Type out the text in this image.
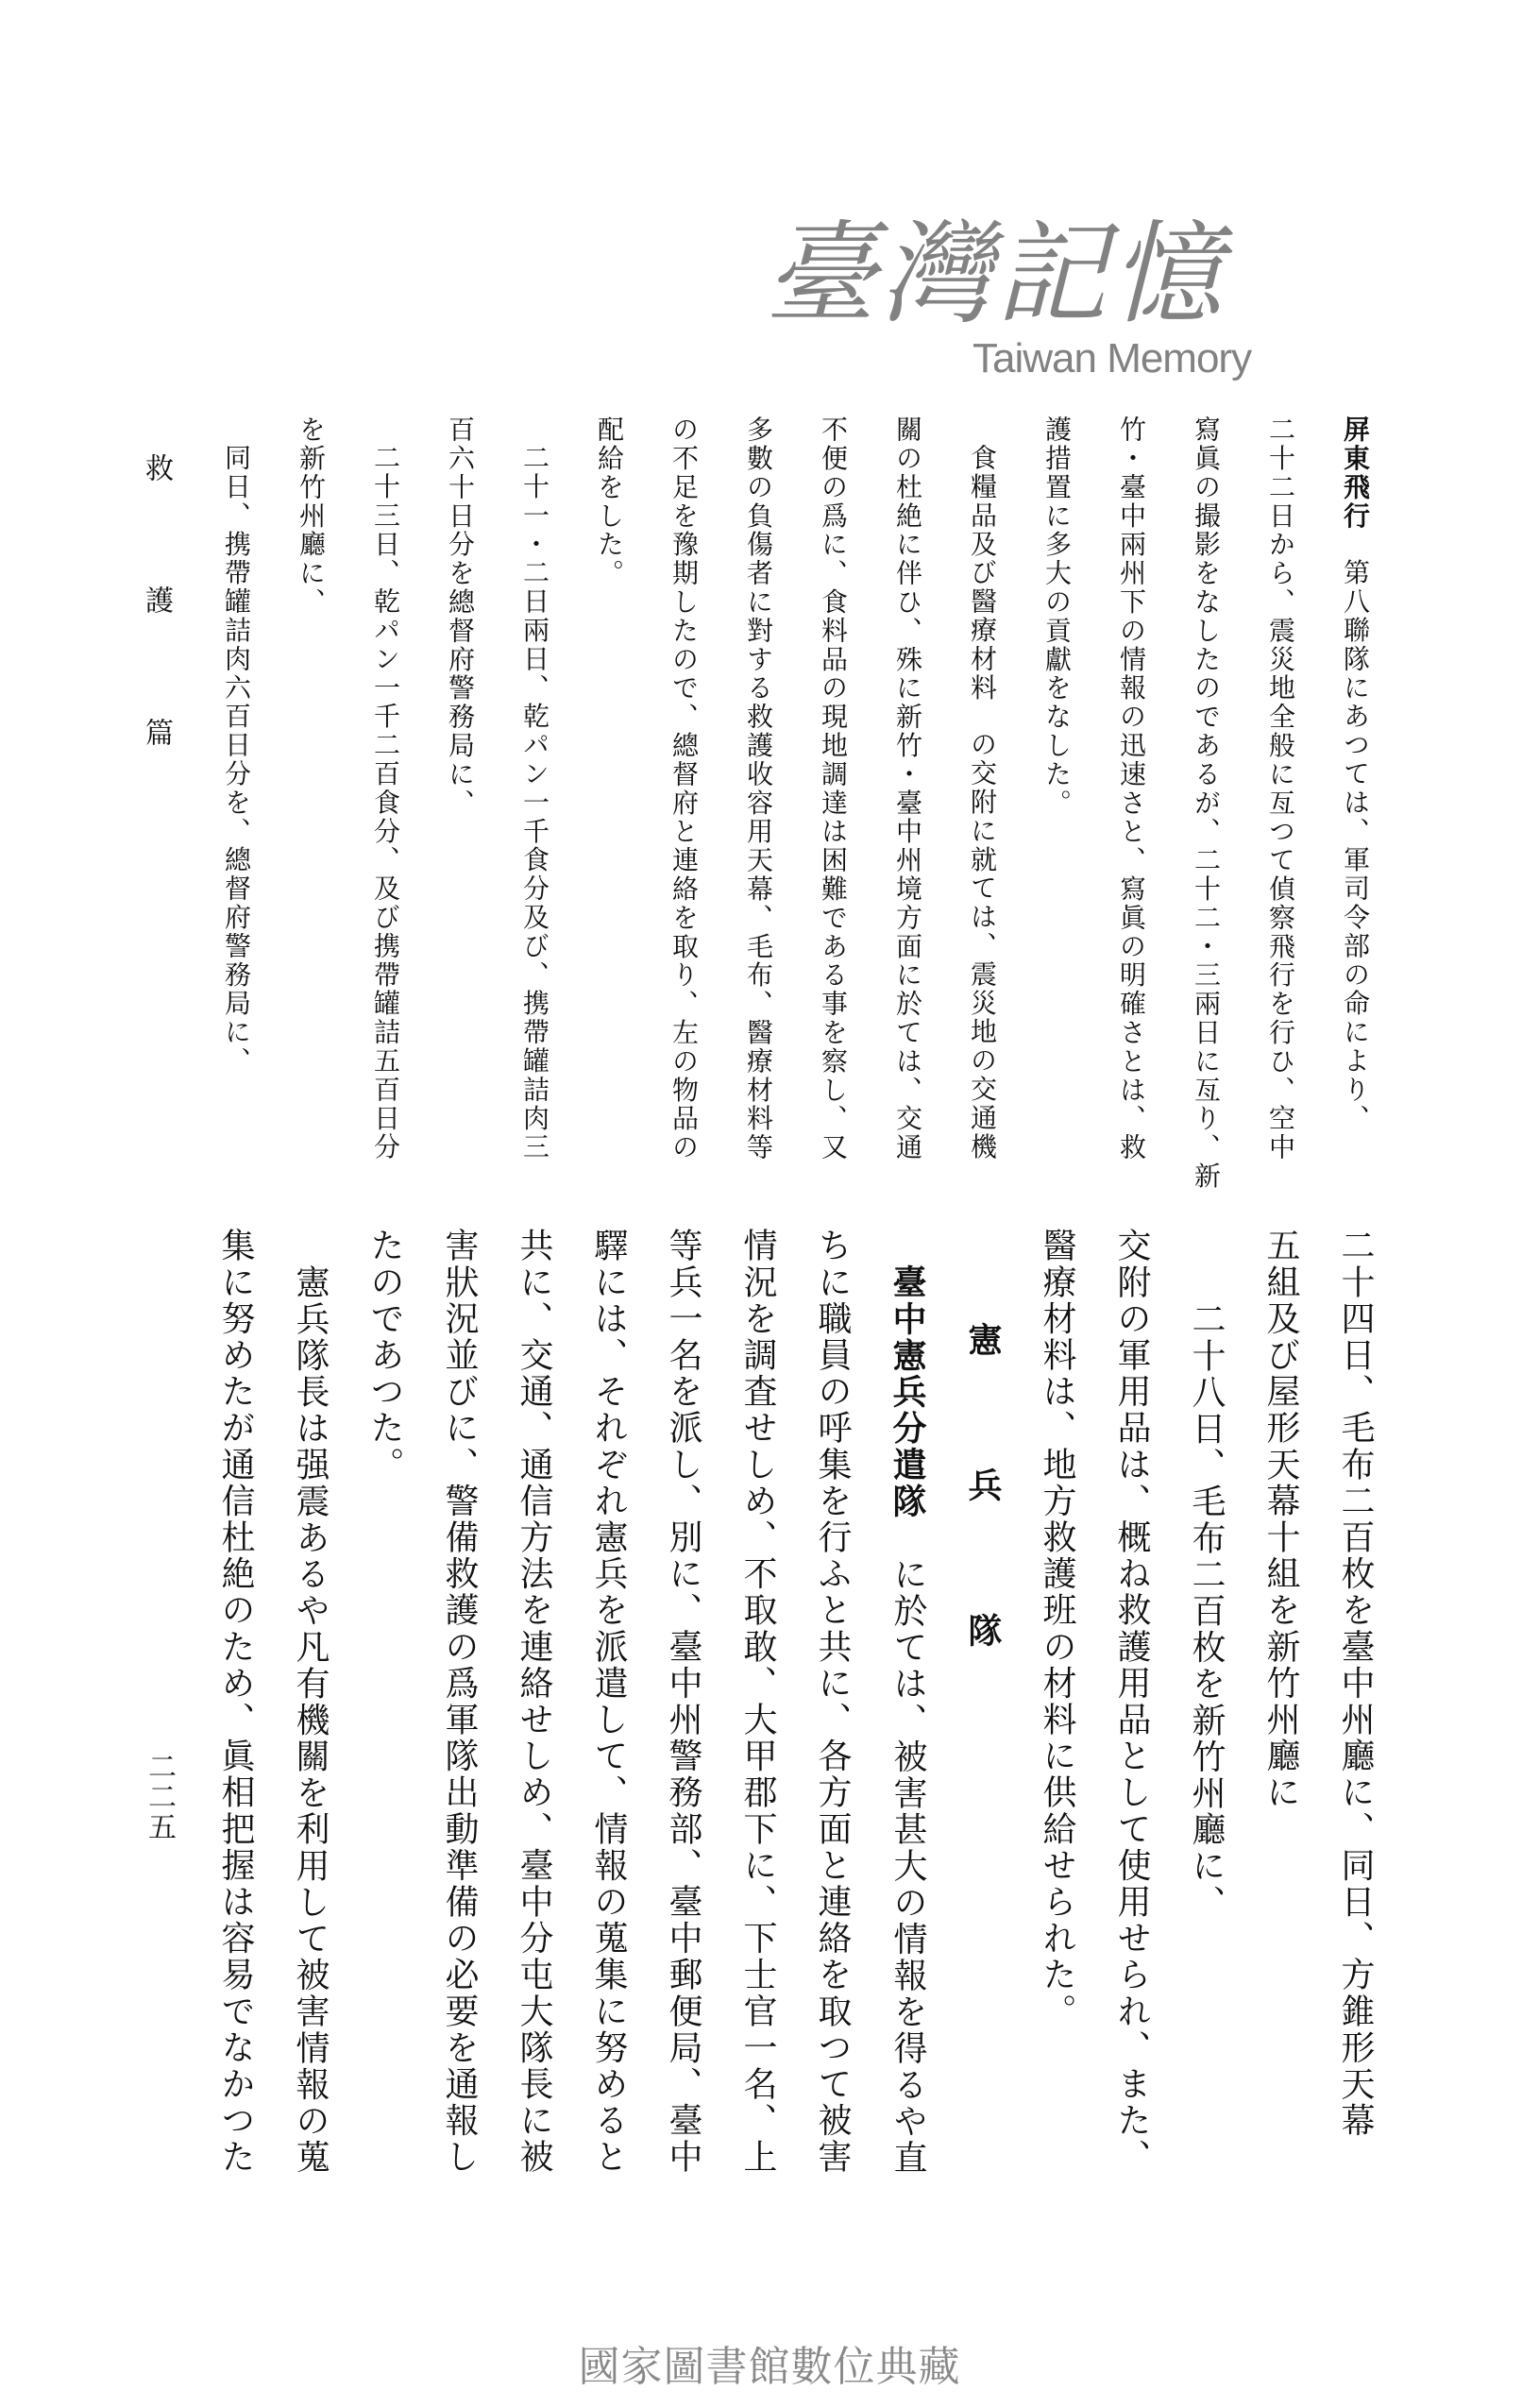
救護篇
二二五
臺灣記憶
Taiwan Memory
屏東飛行第八聯隊にあつては、軍司令部の命により、
二十二日から、震災地全般に亙つて偵察飛行を行ひ、空中
寫眞の撮影をなしたのであるが、二十二・三兩日に亙り、新
竹・臺中兩州下の情報の迅速さと、寫眞の明確さとは、救
護措置に多大の貢獻をなした。
食糧品及び醫療材料の交附に就ては、震災地の交通機
關の杜絶に伴ひ、殊に新竹・臺中州境方面に於ては、交通
不便の爲に、食料品の現地調達は困難である事を察し、又
多數の負傷者に對する救護收容用天幕、毛布、醫療材料等
の不足を豫期したので、總督府と連絡を取り、左の物品の
配給をした。
二十一・二日兩日、乾パン一千食分及び、携帶罐詰肉三
百六十日分を總督府警務局に、
二十三日、乾パン一千二百食分、及び携帶罐詰五百日分
を新竹州廳に、
同日、携帶罐詰肉六百日分を、總督府警務局に、
二十四日、毛布二百枚を臺中州廳に、同日、方錐形天幕
五組及び屋形天幕十組を新竹州廳に
二十八日、毛布二百枚を新竹州廳に、
交附の軍用品は、概ね救護用品として使用せられ、また、
醫療材料は、地方救護班の材料に供給せられた。
憲兵隊
臺中憲兵分遣隊に於ては、被害甚大の情報を得るや直
ちに職員の呼集を行ふと共に、各方面と連絡を取つて被害
情況を調査せしめ、不取敢、大甲郡下に、下士官一名、上
等兵一名を派し、別に、臺中州警務部、臺中郵便局、臺中
驛には、それぞれ憲兵を派遣して、情報の蒐集に努めると
共に、交通、通信方法を連絡せしめ、臺中分屯大隊長に被
害狀況並びに、警備救護の爲軍隊出動準備の必要を通報し
たのであつた。
憲兵隊長は强震あるや凡有機關を利用して被害情報の蒐
集に努めたが通信杜絶のため、眞相把握は容易でなかつた
國家圖書館數位典藏
